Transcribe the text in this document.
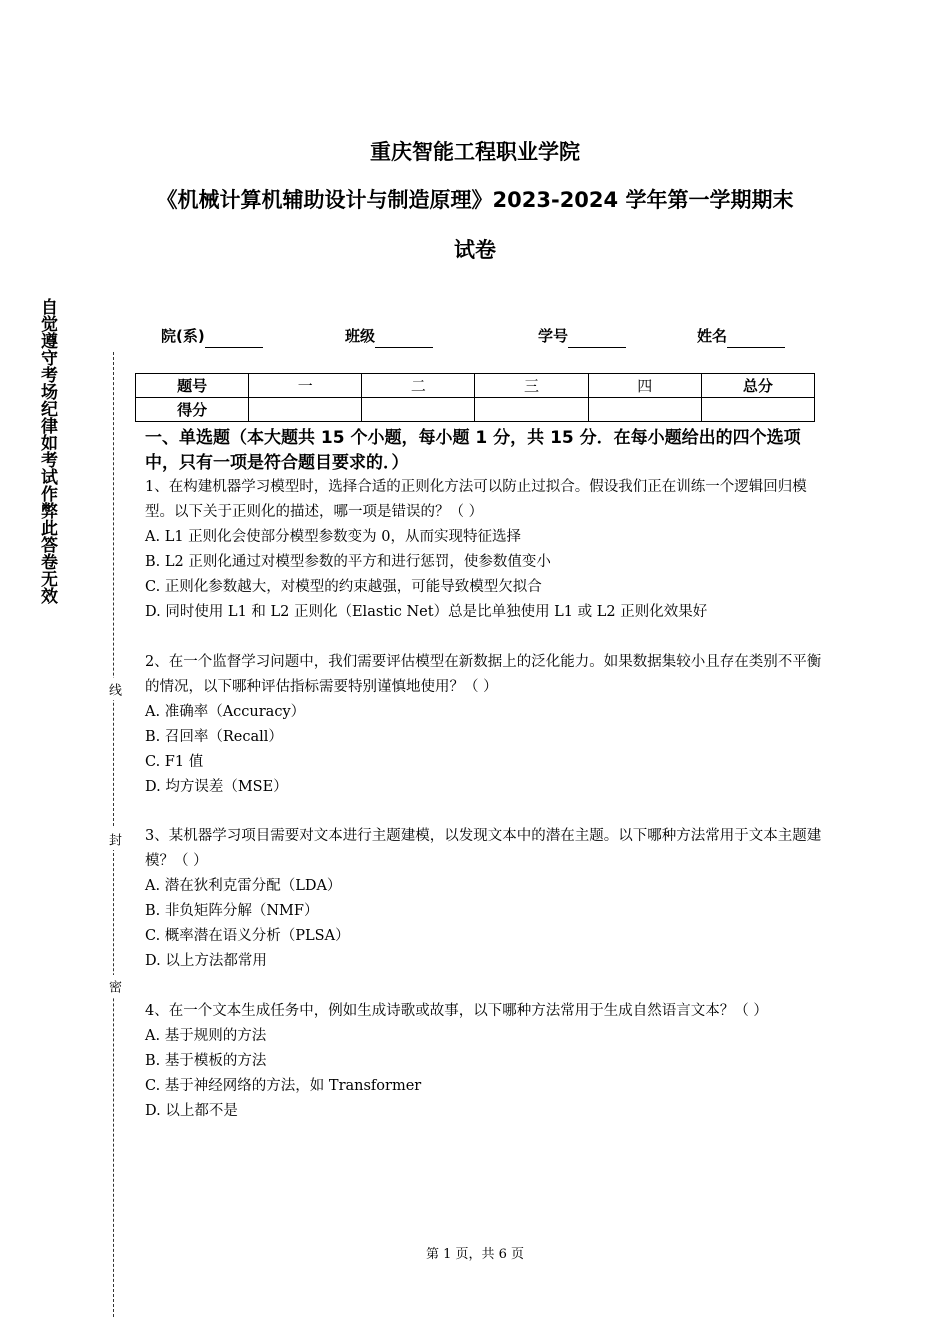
重庆智能工程职业学院
《机械计算机辅助设计与制造原理》2023-2024 学年第一学期期末
试卷
自觉遵守考场纪律如考试作弊此答卷无效
线
封
密
院(系)	班级	学号	姓名
题号	一	二	三	四	总分
得分					
一、单选题（本大题共 15 个小题，每小题 1 分，共 15 分．在每小题给出的四个选项中，只有一项是符合题目要求的．）
1、在构建机器学习模型时，选择合适的正则化方法可以防止过拟合。假设我们正在训练一个逻辑回归模型。以下关于正则化的描述，哪一项是错误的？（ ）
A. L1 正则化会使部分模型参数变为 0，从而实现特征选择
B. L2 正则化通过对模型参数的平方和进行惩罚，使参数值变小
C. 正则化参数越大，对模型的约束越强，可能导致模型欠拟合
D. 同时使用 L1 和 L2 正则化（Elastic Net）总是比单独使用 L1 或 L2 正则化效果好
2、在一个监督学习问题中，我们需要评估模型在新数据上的泛化能力。如果数据集较小且存在类别不平衡的情况，以下哪种评估指标需要特别谨慎地使用？（ ）
A. 准确率（Accuracy）
B. 召回率（Recall）
C. F1 值
D. 均方误差（MSE）
3、某机器学习项目需要对文本进行主题建模，以发现文本中的潜在主题。以下哪种方法常用于文本主题建模？（ ）
A. 潜在狄利克雷分配（LDA）
B. 非负矩阵分解（NMF）
C. 概率潜在语义分析（PLSA）
D. 以上方法都常用
4、在一个文本生成任务中，例如生成诗歌或故事，以下哪种方法常用于生成自然语言文本？（ ）
A. 基于规则的方法
B. 基于模板的方法
C. 基于神经网络的方法，如 Transformer
D. 以上都不是
第 1 页，共 6 页
